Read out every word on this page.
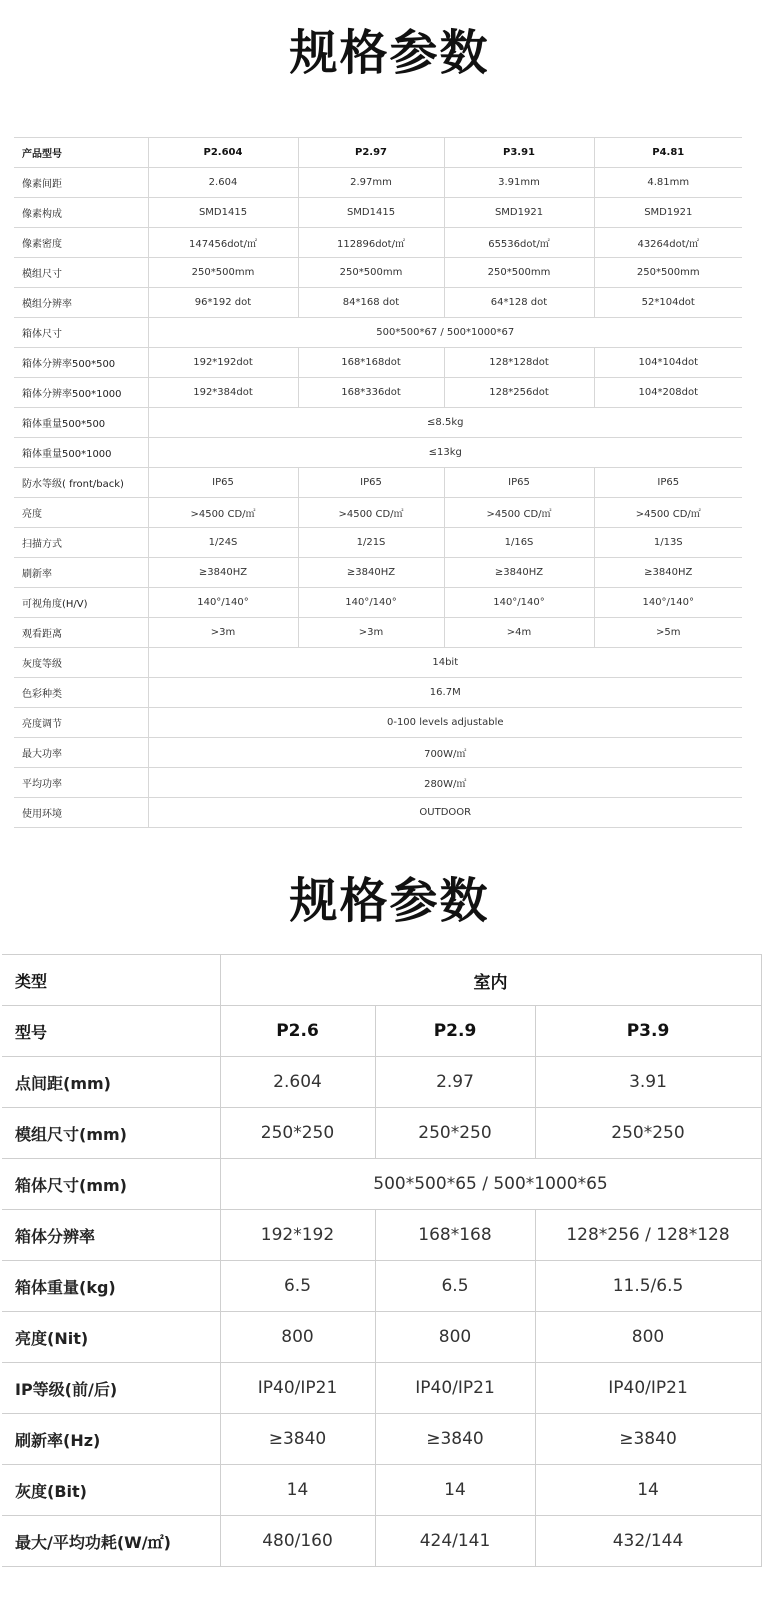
规格参数
产品型号	P2.604	P2.97	P3.91	P4.81
像素间距	2.604	2.97mm	3.91mm	4.81mm
像素构成	SMD1415	SMD1415	SMD1921	SMD1921
像素密度	147456dot/㎡	112896dot/㎡	65536dot/㎡	43264dot/㎡
模组尺寸	250*500mm	250*500mm	250*500mm	250*500mm
模组分辨率	96*192 dot	84*168 dot	64*128 dot	52*104dot
箱体尺寸	500*500*67 / 500*1000*67			
箱体分辨率500*500	192*192dot	168*168dot	128*128dot	104*104dot
箱体分辨率500*1000	192*384dot	168*336dot	128*256dot	104*208dot
箱体重量500*500	≤8.5kg			
箱体重量500*1000	≤13kg			
防水等级( front/back)	IP65	IP65	IP65	IP65
亮度	>4500 CD/㎡	>4500 CD/㎡	>4500 CD/㎡	>4500 CD/㎡
扫描方式	1/24S	1/21S	1/16S	1/13S
刷新率	≥3840HZ	≥3840HZ	≥3840HZ	≥3840HZ
可视角度(H/V)	140°/140°	140°/140°	140°/140°	140°/140°
观看距离	>3m	>3m	>4m	>5m
灰度等级	14bit			
色彩种类	16.7M			
亮度调节	0-100 levels adjustable			
最大功率	700W/㎡			
平均功率	280W/㎡			
使用环境	OUTDOOR			
规格参数
类型	室内		
型号	P2.6	P2.9	P3.9
点间距(mm)	2.604	2.97	3.91
模组尺寸(mm)	250*250	250*250	250*250
箱体尺寸(mm)	500*500*65 / 500*1000*65		
箱体分辨率	192*192	168*168	128*256 / 128*128
箱体重量(kg)	6.5	6.5	11.5/6.5
亮度(Nit)	800	800	800
IP等级(前/后)	IP40/IP21	IP40/IP21	IP40/IP21
刷新率(Hz)	≥3840	≥3840	≥3840
灰度(Bit)	14	14	14
最大/平均功耗(W/㎡)	480/160	424/141	432/144
